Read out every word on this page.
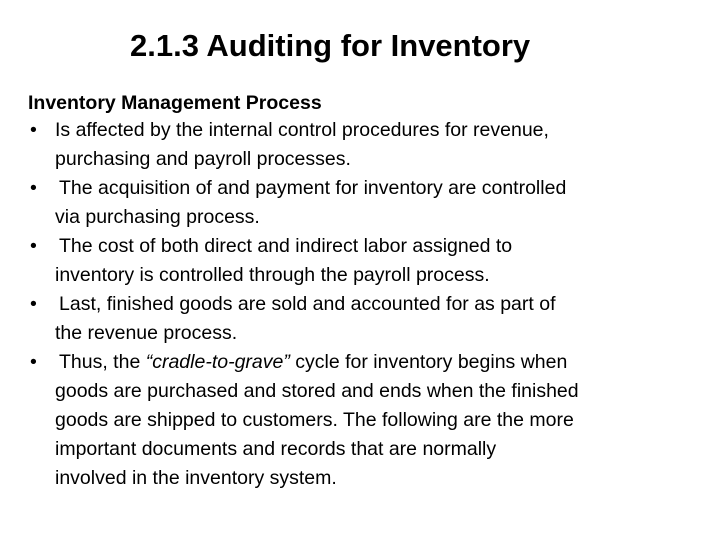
2.1.3 Auditing for Inventory
Inventory Management Process
• Is affected by the internal control procedures for revenue,
purchasing and payroll processes.
• The acquisition of and payment for inventory are controlled
via purchasing process.
• The cost of both direct and indirect labor assigned to
inventory is controlled through the payroll process.
• Last, finished goods are sold and accounted for as part of
the revenue process.
• Thus, the “cradle-to-grave” cycle for inventory begins when
goods are purchased and stored and ends when the finished
goods are shipped to customers. The following are the more
important documents and records that are normally
involved in the inventory system.
